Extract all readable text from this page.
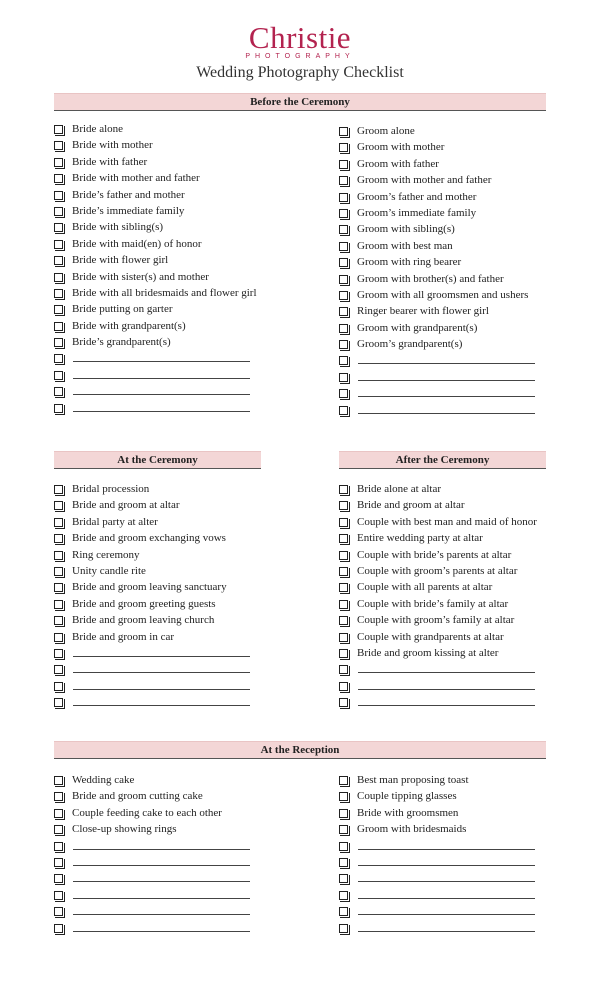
Christie
PHOTOGRAPHY
Wedding Photography Checklist
Before the Ceremony
Bride alone
Bride with mother
Bride with father
Bride with mother and father
Bride’s father and mother
Bride’s immediate family
Bride with sibling(s)
Bride with maid(en) of honor
Bride with flower girl
Bride with sister(s) and mother
Bride with all bridesmaids and flower girl
Bride putting on garter
Bride with grandparent(s)
Bride’s grandparent(s)
Groom alone
Groom with mother
Groom with father
Groom with mother and father
Groom’s father and mother
Groom’s immediate family
Groom with sibling(s)
Groom with best man
Groom with ring bearer
Groom with brother(s) and father
Groom with all groomsmen and ushers
Ringer bearer with flower girl
Groom with grandparent(s)
Groom’s grandparent(s)
At the Ceremony	After the Ceremony
Bridal procession
Bride and groom at altar
Bridal party at alter
Bride and groom exchanging vows
Ring ceremony
Unity candle rite
Bride and groom leaving sanctuary
Bride and groom greeting guests
Bride and groom leaving church
Bride and groom in car
Bride alone at altar
Bride and groom at altar
Couple with best man and maid of honor
Entire wedding party at altar
Couple with bride’s parents at altar
Couple with groom’s parents at altar
Couple with all parents at altar
Couple with bride’s family at altar
Couple with groom’s family at altar
Couple with grandparents at altar
Bride and groom kissing at alter
At the Reception
Wedding cake
Bride and groom cutting cake
Couple feeding cake to each other
Close-up showing rings
Best man proposing toast
Couple tipping glasses
Bride with groomsmen
Groom with bridesmaids
